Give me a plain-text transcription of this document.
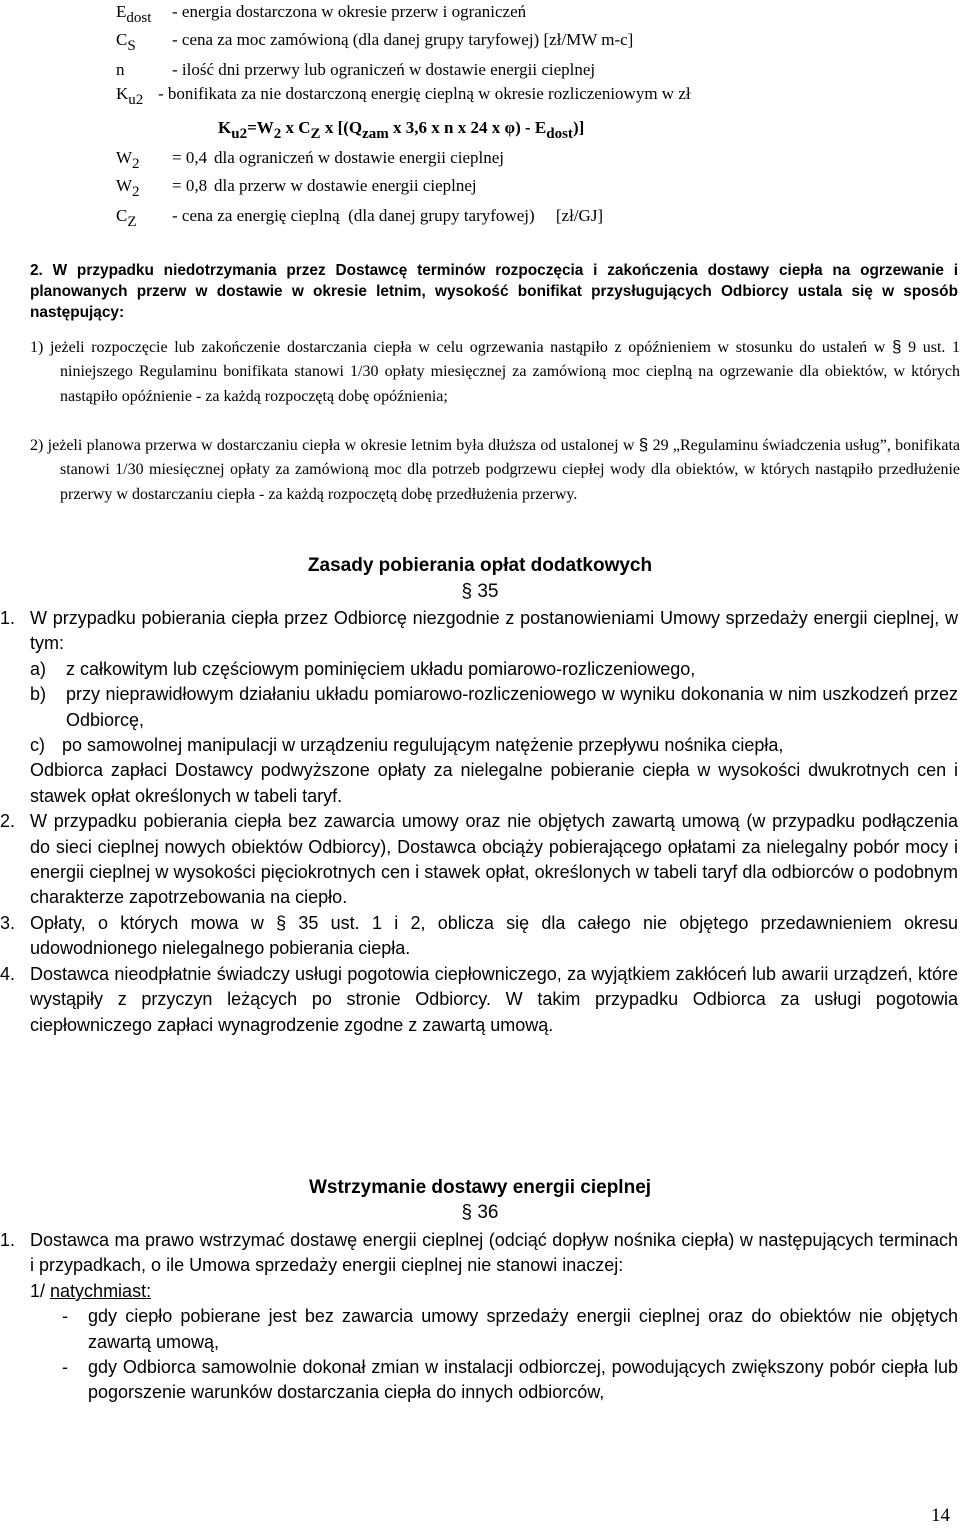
Edost - energia dostarczona w okresie przerw i ograniczeń
CS - cena za moc zamówioną (dla danej grupy taryfowej) [zł/MW m-c]
n	- ilość dni przerwy lub ograniczeń w dostawie energii cieplnej
Ku2 - bonifikata za nie dostarczoną energię cieplną w okresie rozliczeniowym w zł
Ku2=W2 x CZ x [(Qzam x 3,6 x n x 24 x φ) - Edost)]
W2 = 0,4 dla ograniczeń w dostawie energii cieplnej
W2 = 0,8 dla przerw w dostawie energii cieplnej
CZ - cena za energię cieplną  (dla danej grupy taryfowej)     [zł/GJ]
2. W przypadku niedotrzymania przez Dostawcę terminów rozpoczęcia i zakończenia dostawy ciepła na ogrzewanie i planowanych przerw w dostawie w okresie letnim, wysokość bonifikat przysługujących Odbiorcy ustala się w sposób następujący:
1) jeżeli rozpoczęcie lub zakończenie dostarczania ciepła w celu ogrzewania nastąpiło z opóźnieniem w stosunku do ustaleń w § 9 ust. 1 niniejszego Regulaminu bonifikata stanowi 1/30 opłaty miesięcznej za zamówioną moc cieplną na ogrzewanie dla obiektów, w których nastąpiło opóźnienie - za każdą rozpoczętą dobę opóźnienia;
2) jeżeli planowa przerwa w dostarczaniu ciepła w okresie letnim była dłuższa od ustalonej w § 29 „Regulaminu świadczenia usług”, bonifikata stanowi 1/30 miesięcznej opłaty za zamówioną moc dla potrzeb podgrzewu ciepłej wody dla obiektów, w których nastąpiło przedłużenie przerwy w dostarczaniu ciepła - za każdą rozpoczętą dobę przedłużenia przerwy.
Zasady pobierania opłat dodatkowych
§ 35
1. W przypadku pobierania ciepła przez Odbiorcę niezgodnie z postanowieniami Umowy sprzedaży energii cieplnej, w tym:
a) z całkowitym lub częściowym pominięciem układu pomiarowo-rozliczeniowego,
b) przy nieprawidłowym działaniu układu pomiarowo-rozliczeniowego w wyniku dokonania w nim uszkodzeń przez Odbiorcę,
c) po samowolnej manipulacji w urządzeniu regulującym natężenie przepływu nośnika ciepła,
Odbiorca zapłaci Dostawcy podwyższone opłaty za nielegalne pobieranie ciepła w wysokości dwukrotnych cen i stawek opłat określonych w tabeli taryf.
2. W przypadku pobierania ciepła bez zawarcia umowy oraz nie objętych zawartą umową (w przypadku podłączenia do sieci cieplnej nowych obiektów Odbiorcy), Dostawca obciąży pobierającego opłatami za nielegalny pobór mocy i energii cieplnej w wysokości pięciokrotnych cen i stawek opłat, określonych w tabeli taryf dla odbiorców o podobnym charakterze zapotrzebowania na ciepło.
3. Opłaty, o których mowa w § 35 ust. 1 i 2, oblicza się dla całego nie objętego przedawnieniem okresu udowodnionego nielegalnego pobierania ciepła.
4. Dostawca nieodpłatnie świadczy usługi pogotowia ciepłowniczego, za wyjątkiem zakłóceń lub awarii urządzeń, które wystąpiły z przyczyn leżących po stronie Odbiorcy. W takim przypadku Odbiorca za usługi pogotowia ciepłowniczego zapłaci wynagrodzenie zgodne z zawartą umową.
Wstrzymanie dostawy energii cieplnej
§ 36
1. Dostawca ma prawo wstrzymać dostawę energii cieplnej (odciąć dopływ nośnika ciepła) w następujących terminach i przypadkach, o ile Umowa sprzedaży energii cieplnej nie stanowi inaczej:
1/ natychmiast:
- gdy ciepło pobierane jest bez zawarcia umowy sprzedaży energii cieplnej oraz do obiektów nie objętych zawartą umową,
- gdy Odbiorca samowolnie dokonał zmian w instalacji odbiorczej, powodujących zwiększony pobór ciepła lub pogorszenie warunków dostarczania ciepła do innych odbiorców,
14
